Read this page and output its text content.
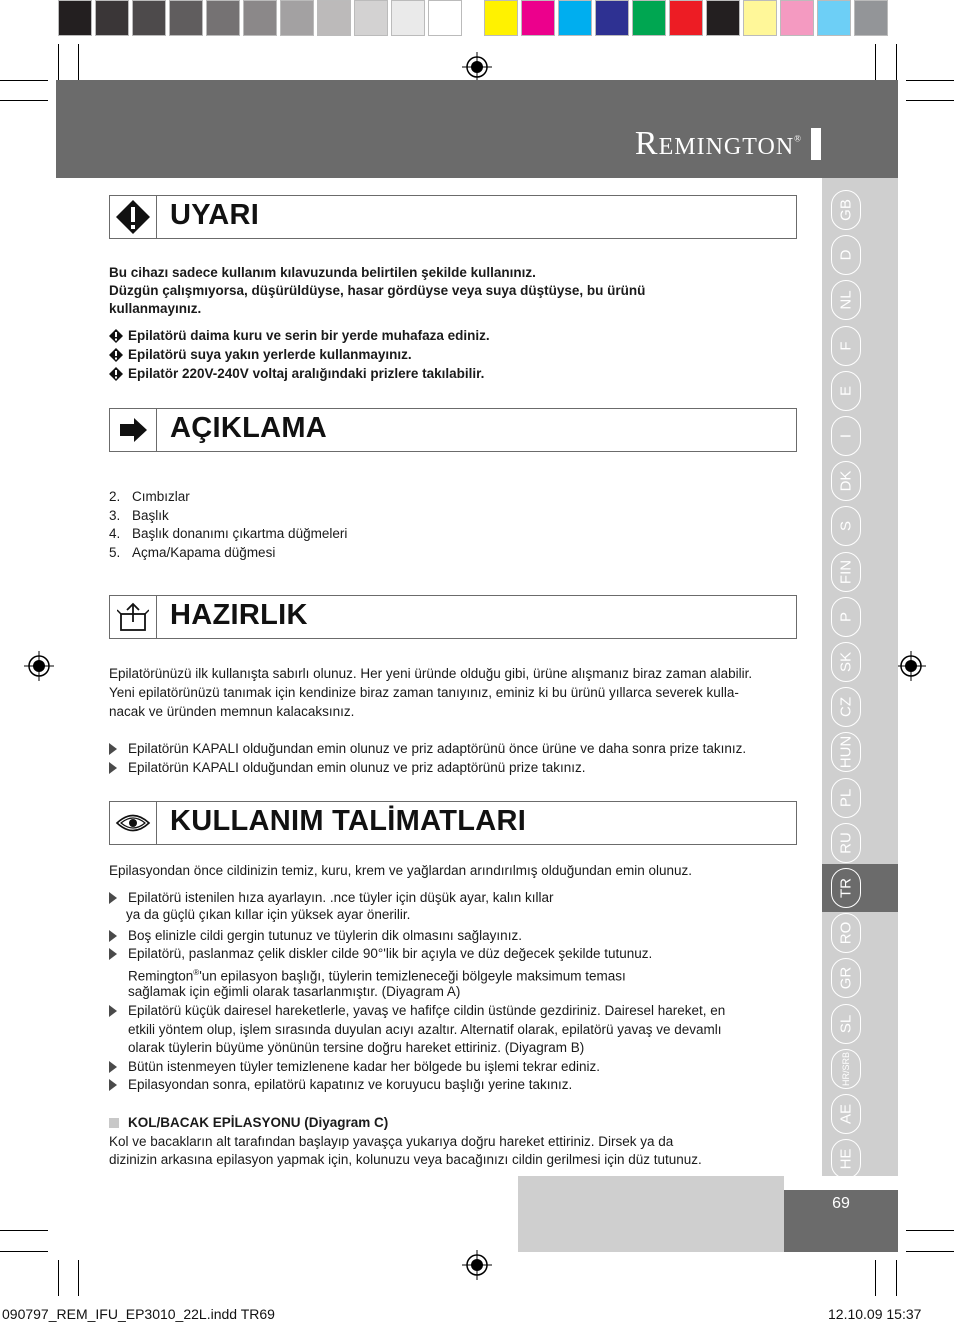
Remington®
GB
D
NL
F
E
I
DK
S
FIN
P
SK
CZ
HUN
PL
RU
TR
RO
GR
SL
HR/SRB
AE
HE
UYARI
Bu cihazı sadece kullanım kılavuzunda belirtilen şekilde kullanınız.
Düzgün çalışmıyorsa, düşürüldüyse, hasar gördüyse veya suya düştüyse, bu ürünü
kullanmayınız.
Epilatörü daima kuru ve serin bir yerde muhafaza ediniz.
Epilatörü suya yakın yerlerde kullanmayınız.
Epilatör 220V-240V voltaj aralığındaki prizlere takılabilir.
AÇIKLAMA
2. Cımbızlar
3. Başlık
4. Başlık donanımı çıkartma düğmeleri
5. Açma/Kapama düğmesi
HAZIRLIK
Epilatörünüzü ilk kullanışta sabırlı olunuz. Her yeni üründe olduğu gibi, ürüne alışmanız biraz zaman alabilir.
Yeni epilatörünüzü tanımak için kendinize biraz zaman tanıyınız, eminiz ki bu ürünü yıllarca severek kulla-
nacak ve üründen memnun kalacaksınız.
Epilatörün KAPALI olduğundan emin olunuz ve priz adaptörünü önce ürüne ve daha sonra prize takınız.
Epilatörün KAPALI olduğundan emin olunuz ve priz adaptörünü prize takınız.
KULLANIM TALİMATLARI
Epilasyondan önce cildinizin temiz, kuru, krem ve yağlardan arındırılmış olduğundan emin olunuz.
Epilatörü istenilen hıza ayarlayın. .nce tüyler için düşük ayar, kalın kıllar
ya da güçlü çıkan kıllar için yüksek ayar önerilir.
Boş elinizle cildi gergin tutunuz ve tüylerin dik olmasını sağlayınız.
Epilatörü, paslanmaz çelik diskler cilde 90°'lik bir açıyla ve düz değecek şekilde tutunuz.
Remington®'un epilasyon başlığı, tüylerin temizleneceği bölgeyle maksimum teması
sağlamak için eğimli olarak tasarlanmıştır. (Diyagram A)
Epilatörü küçük dairesel hareketlerle, yavaş ve hafifçe cildin üstünde gezdiriniz. Dairesel hareket, en
etkili yöntem olup, işlem sırasında duyulan acıyı azaltır. Alternatif olarak, epilatörü yavaş ve devamlı
olarak tüylerin büyüme yönünün tersine doğru hareket ettiriniz. (Diyagram B)
Bütün istenmeyen tüyler temizlenene kadar her bölgede bu işlemi tekrar ediniz.
Epilasyondan sonra, epilatörü kapatınız ve koruyucu başlığı yerine takınız.
KOL/BACAK EPİLASYONU (Diyagram C)
Kol ve bacakların alt tarafından başlayıp yavaşça yukarıya doğru hareket ettiriniz. Dirsek ya da
dizinizin arkasına epilasyon yapmak için, kolunuzu veya bacağınızı cildin gerilmesi için düz tutunuz.
69
090797_REM_IFU_EP3010_22L.indd TR69	12.10.09 15:37
